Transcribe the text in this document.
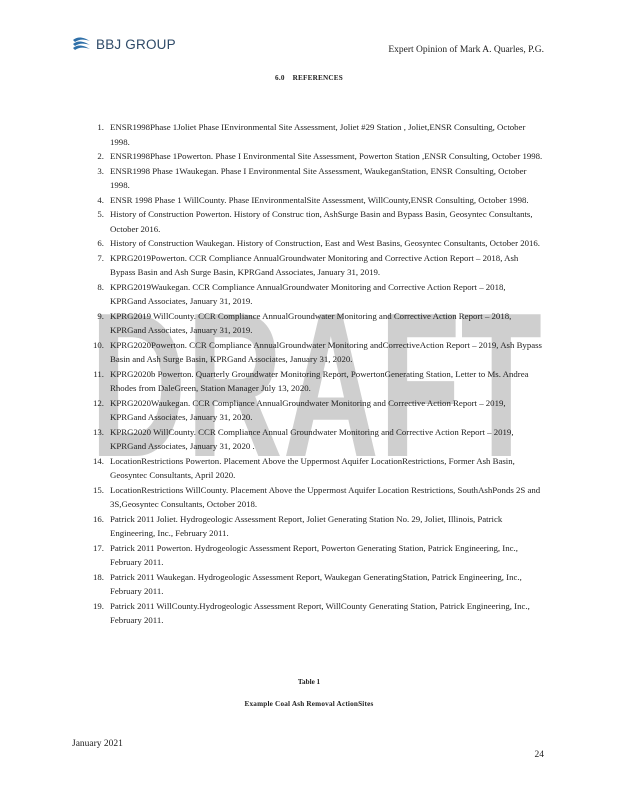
DRAFT
BBJ GROUP	Expert Opinion of Mark A. Quarles, P.G.
6.0 REFERENCES
1. ENSR1998Phase 1Joliet Phase IEnvironmental Site Assessment, Joliet #29 Station , Joliet,ENSR Consulting, October 1998.
2. ENSR1998Phase 1Powerton. Phase I Environmental Site Assessment, Powerton Station ,ENSR Consulting, October 1998.
3. ENSR1998 Phase 1Waukegan. Phase I Environmental Site Assessment, WaukeganStation, ENSR Consulting, October 1998.
4. ENSR 1998 Phase 1 WillCounty. Phase IEnvironmentalSite Assessment, WillCounty,ENSR Consulting, October 1998.
5. History of Construction Powerton. History of Construc tion, AshSurge Basin and Bypass Basin, Geosyntec Consultants, October 2016.
6. History of Construction Waukegan. History of Construction, East and West Basins, Geosyntec Consultants, October 2016.
7. KPRG2019Powerton. CCR Compliance AnnualGroundwater Monitoring and Corrective Action Report – 2018, Ash Bypass Basin and Ash Surge Basin, KPRGand Associates, January 31, 2019.
8. KPRG2019Waukegan. CCR Compliance AnnualGroundwater Monitoring and Corrective Action Report – 2018, KPRGand Associates, January 31, 2019.
9. KPRG2019 WillCounty. CCR Compliance AnnualGroundwater Monitoring and Corrective Action Report – 2018, KPRGand Associates, January 31, 2019.
10. KPRG2020Powerton. CCR Compliance AnnualGroundwater Monitoring andCorrectiveAction Report – 2019, Ash Bypass Basin and Ash Surge Basin, KPRGand Associates, January 31, 2020.
11. KPRG2020b Powerton. Quarterly Groundwater Monitoring Report, PowertonGenerating Station, Letter to Ms. Andrea Rhodes from DaleGreen, Station Manager July 13, 2020.
12. KPRG2020Waukegan. CCR Compliance AnnualGroundwater Monitoring and Corrective Action Report – 2019, KPRGand Associates, January 31, 2020.
13. KPRG2020 WillCounty. CCR Compliance Annual Groundwater Monitoring and Corrective Action Report – 2019, KPRGand Associates, January 31, 2020 .
14. LocationRestrictions Powerton. Placement Above the Uppermost Aquifer LocationRestrictions, Former Ash Basin, Geosyntec Consultants, April 2020.
15. LocationRestrictions WillCounty. Placement Above the Uppermost Aquifer Location Restrictions, SouthAshPonds 2S and 3S,Geosyntec Consultants, October 2018.
16. Patrick 2011 Joliet. Hydrogeologic Assessment Report, Joliet Generating Station No. 29, Joliet, Illinois, Patrick Engineering, Inc., February 2011.
17. Patrick 2011 Powerton. Hydrogeologic Assessment Report, Powerton Generating Station, Patrick Engineering, Inc., February 2011.
18. Patrick 2011 Waukegan. Hydrogeologic Assessment Report, Waukegan GeneratingStation, Patrick Engineering, Inc., February 2011.
19. Patrick 2011 WillCounty.Hydrogeologic Assessment Report, WillCounty Generating Station, Patrick Engineering, Inc., February 2011.
Table 1
Example Coal Ash Removal ActionSites
January 2021
24
